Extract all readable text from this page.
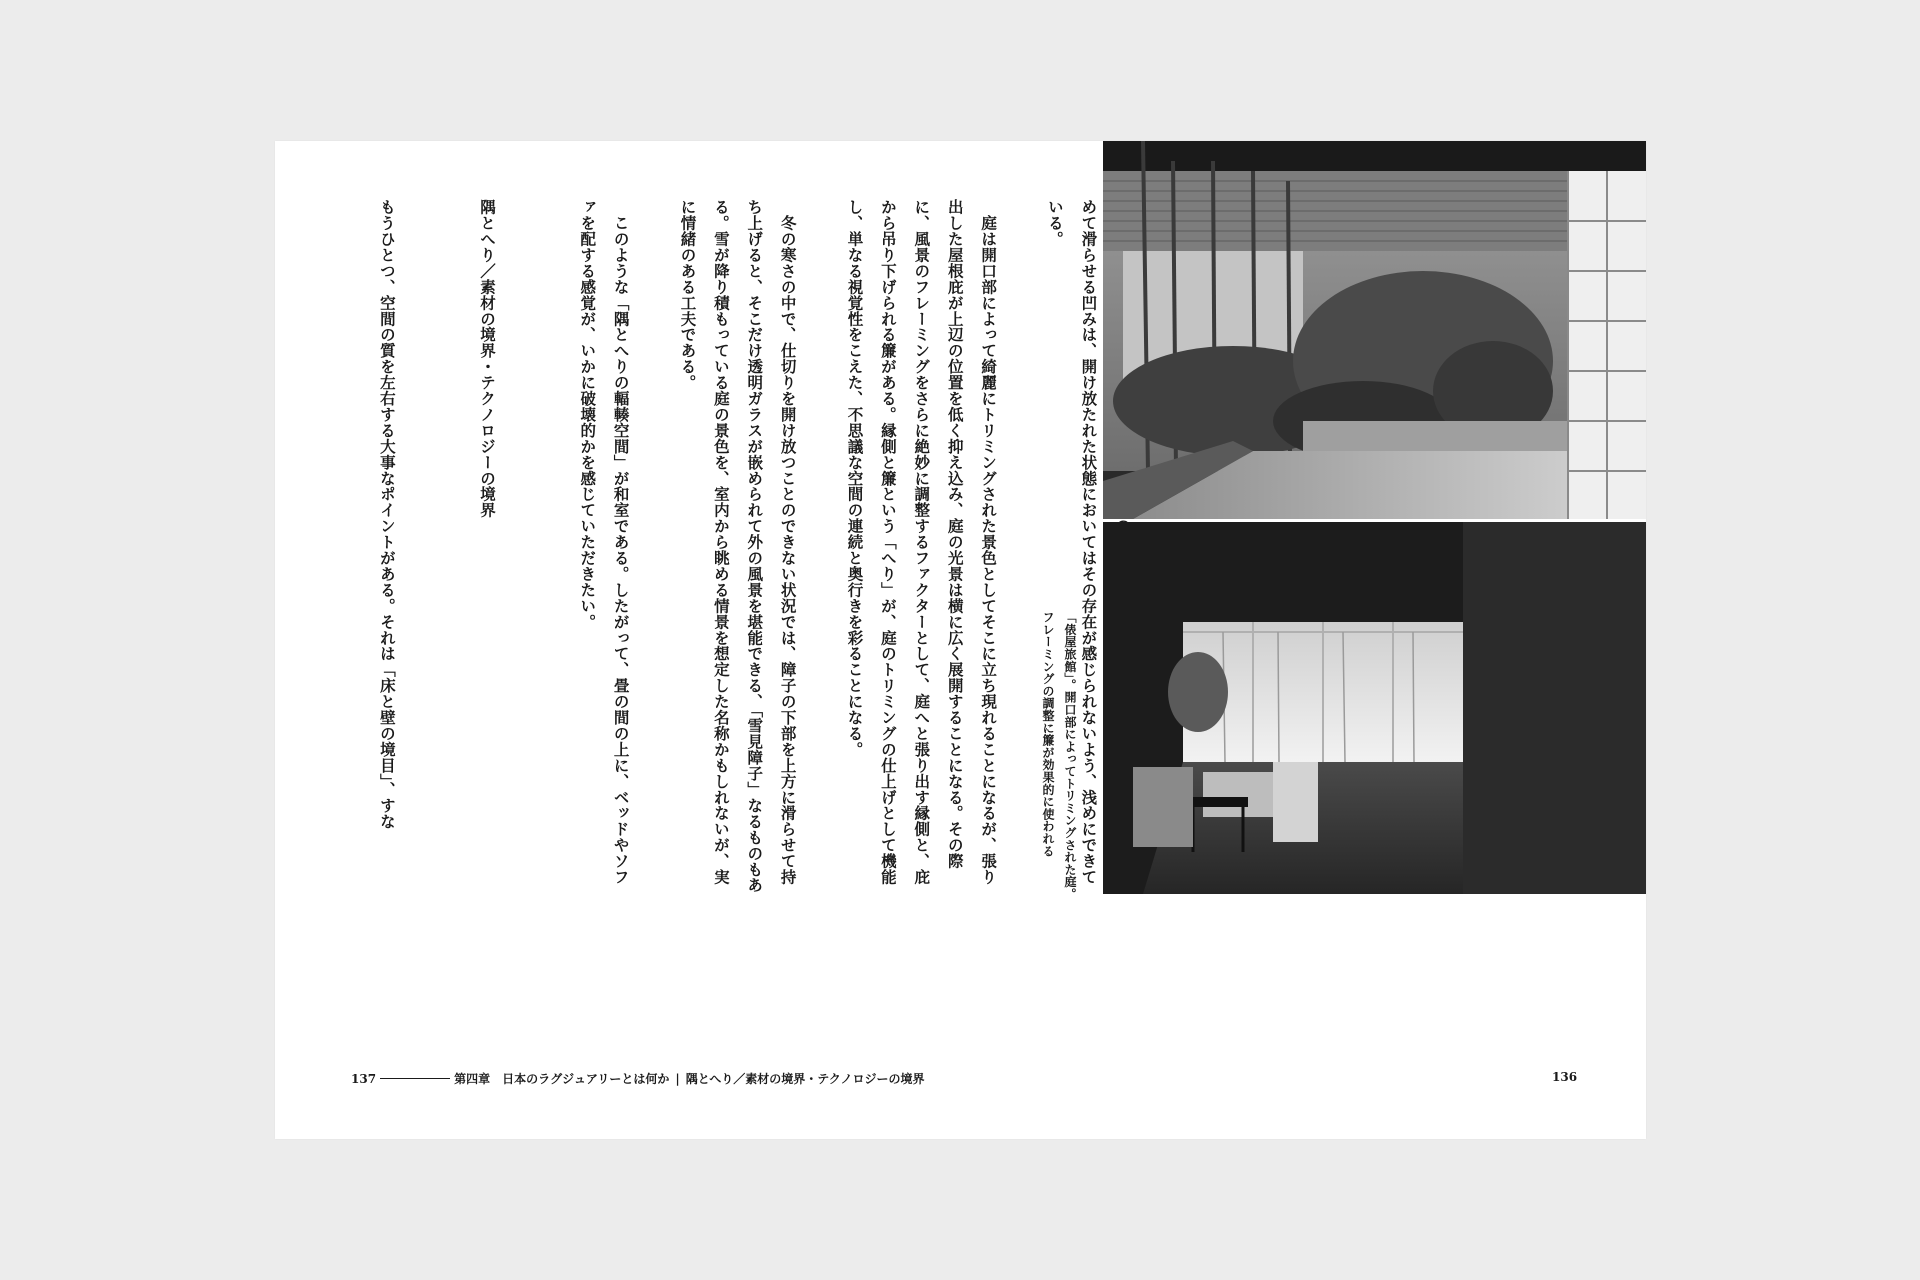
めて滑らせる凹みは、開け放たれた状態においてはその存在が感じられないよう、浅めにできている。

　庭は開口部によって綺麗にトリミングされた景色としてそこに立ち現れることになるが、張り出した屋根庇が上辺の位置を低く抑え込み、庭の光景は横に広く展開することになる。その際に、風景のフレーミングをさらに絶妙に調整するファクターとして、庭へと張り出す縁側と、庇から吊り下げられる簾がある。縁側と簾という「へり」が、庭のトリミングの仕上げとして機能し、単なる視覚性をこえた、不思議な空間の連続と奥行きを彩ることになる。

　冬の寒さの中で、仕切りを開け放つことのできない状況では、障子の下部を上方に滑らせて持ち上げると、そこだけ透明ガラスが嵌められて外の風景を堪能できる、「雪見障子」なるものもある。雪が降り積もっている庭の景色を、室内から眺める情景を想定した名称かもしれないが、実に情緒のある工夫である。

　このような「隅とへりの輻輳空間」が和室である。したがって、畳の間の上に、ベッドやソファを配する感覚が、いかに破壊的かを感じていただきたい。

隅とへり／素材の境界・テクノロジーの境界

もうひとつ、空間の質を左右する大事なポイントがある。それは「床と壁の境目」、すな	「俵屋旅館」。開口部によってトリミングされた庭。フレーミングの調整に簾が効果的に使われる
137	第四章　日本のラグジュアリーとは何か | 隅とへり／素材の境界・テクノロジーの境界	136
